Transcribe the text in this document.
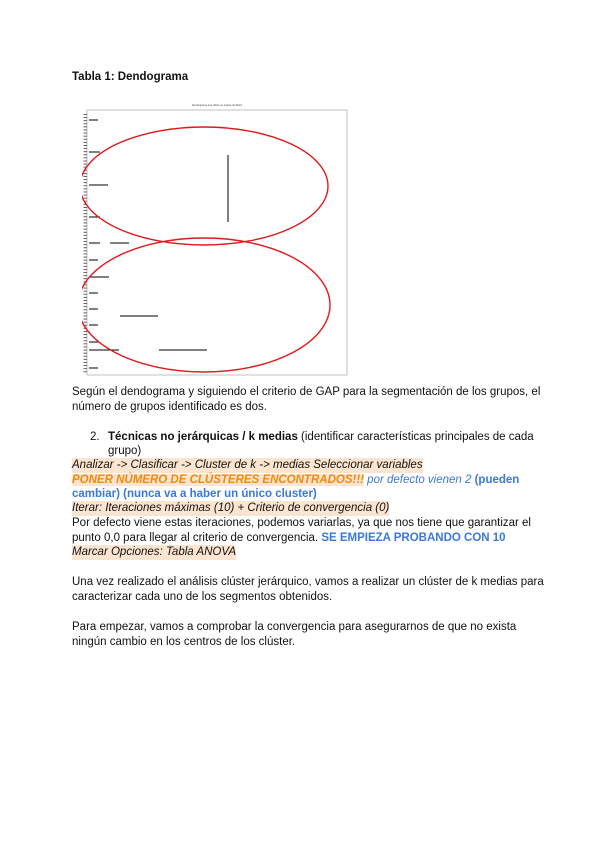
Tabla 1: Dendograma
Dendograma que utiliza un enlace de Ward
Según el dendograma y siguiendo el criterio de GAP para la segmentación de los grupos, el
número de grupos identificado es dos.
2. Técnicas no jerárquicas / k medias (identificar características principales de cada
grupo)
Analizar -> Clasificar -> Cluster de k -> medias Seleccionar variables
PONER NÚMERO DE CLÚSTERES ENCONTRADOS!!! por defecto vienen 2 (pueden
cambiar) (nunca va a haber un único cluster)
Iterar: Iteraciones máximas (10) + Criterio de convergencia (0)
Por defecto viene estas iteraciones, podemos variarlas, ya que nos tiene que garantizar el
punto 0,0 para llegar al criterio de convergencia. SE EMPIEZA PROBANDO CON 10
Marcar Opciones: Tabla ANOVA
Una vez realizado el análisis clúster jerárquico, vamos a realizar un clúster de k medias para
caracterizar cada uno de los segmentos obtenidos.
Para empezar, vamos a comprobar la convergencia para asegurarnos de que no exista
ningún cambio en los centros de los clúster.
